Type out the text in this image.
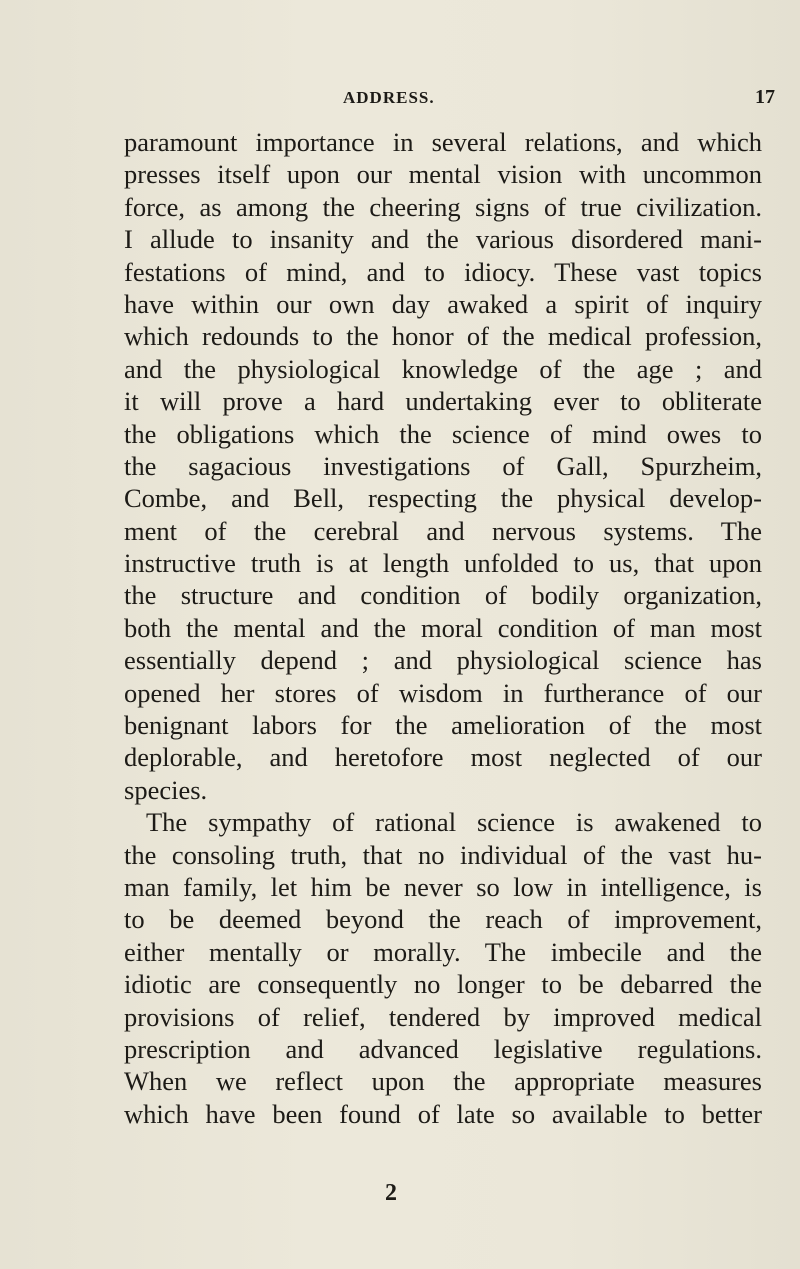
ADDRESS.	17
paramount importance in several relations, and which
presses itself upon our mental vision with uncommon
force, as among the cheering signs of true civilization.
I allude to insanity and the various disordered mani-
festations of mind, and to idiocy. These vast topics
have within our own day awaked a spirit of inquiry
which redounds to the honor of the medical profession,
and the physiological knowledge of the age ; and
it will prove a hard undertaking ever to obliterate
the obligations which the science of mind owes to
the sagacious investigations of Gall, Spurzheim,
Combe, and Bell, respecting the physical develop-
ment of the cerebral and nervous systems. The
instructive truth is at length unfolded to us, that upon
the structure and condition of bodily organization,
both the mental and the moral condition of man most
essentially depend ; and physiological science has
opened her stores of wisdom in furtherance of our
benignant labors for the amelioration of the most
deplorable, and heretofore most neglected of our
species.
The sympathy of rational science is awakened to
the consoling truth, that no individual of the vast hu-
man family, let him be never so low in intelligence, is
to be deemed beyond the reach of improvement,
either mentally or morally. The imbecile and the
idiotic are consequently no longer to be debarred the
provisions of relief, tendered by improved medical
prescription and advanced legislative regulations.
When we reflect upon the appropriate measures
which have been found of late so available to better
2
